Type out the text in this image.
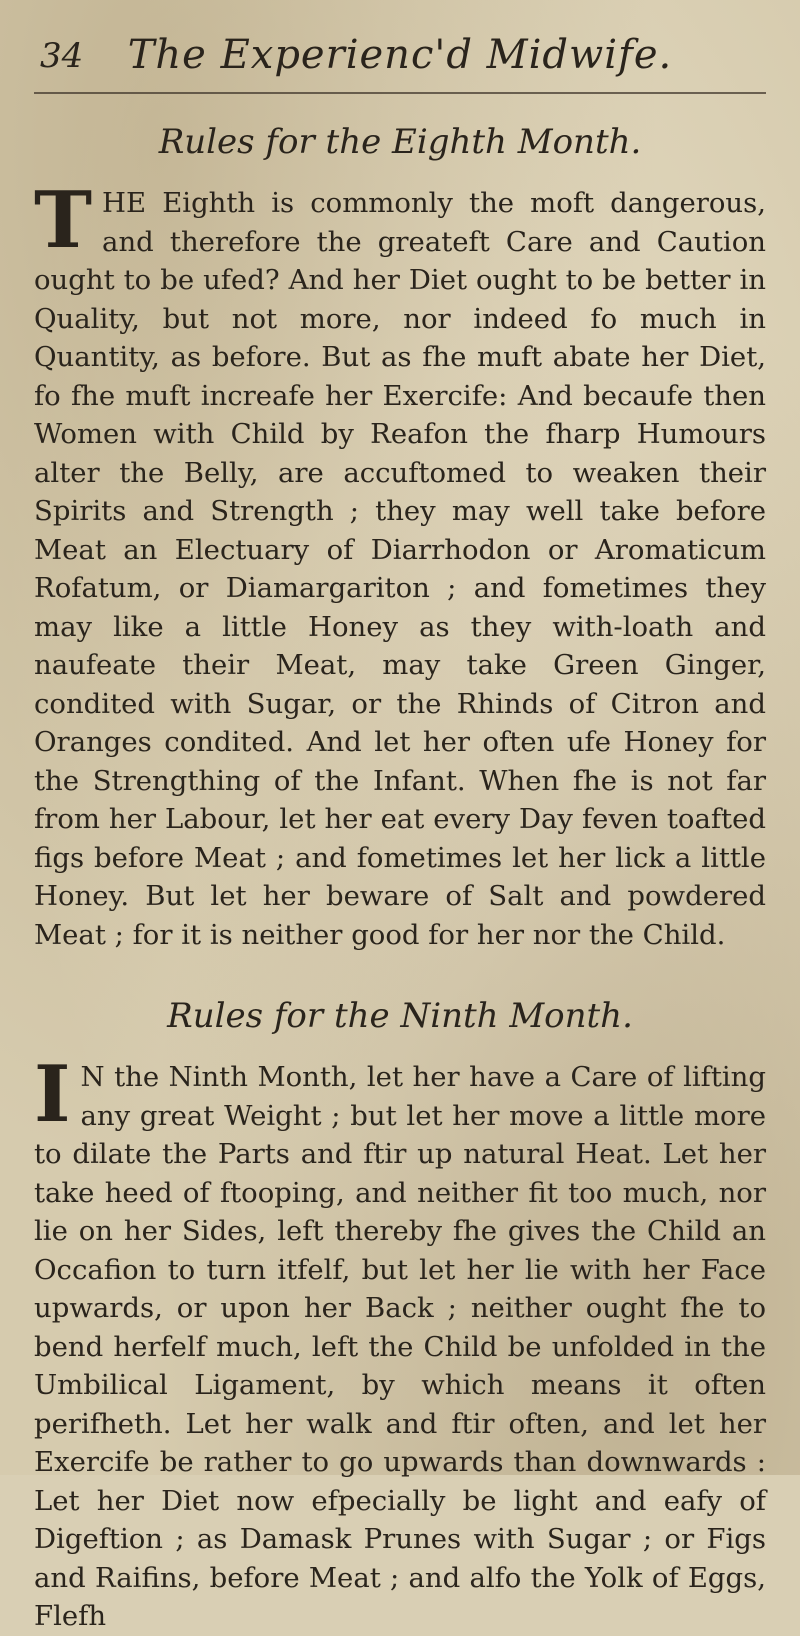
34	The Experienc'd Midwife.
Rules for the Eighth Month.

THE Eighth is commonly the moft dangerous, and therefore the greateft Care and Caution ought to be ufed? And her Diet ought to be better in Quality, but not more, nor indeed fo much in Quantity, as before. But as fhe muft abate her Diet, fo fhe muft increafe her Exercife: And becaufe then Women with Child by Reafon the fharp Humours alter the Belly, are accuftomed to weaken their Spirits and Strength ; they may well take before Meat an Electuary of Diarrhodon or Aromaticum Rofatum, or Diamargariton ; and fometimes they may like a little Honey as they with-loath and naufeate their Meat, may take Green Ginger, condited with Sugar, or the Rhinds of Citron and Oranges condited. And let her often ufe Honey for the Strengthing of the Infant. When fhe is not far from her Labour, let her eat every Day feven toafted figs before Meat ; and fometimes let her lick a little Honey. But let her beware of Salt and powdered Meat ; for it is neither good for her nor the Child.

Rules for the Ninth Month.

I N the Ninth Month, let her have a Care of lifting any great Weight ; but let her move a little more to dilate the Parts and ftir up natural Heat. Let her take heed of ftooping, and neither fit too much, nor lie on her Sides, left thereby fhe gives the Child an Occafion to turn itfelf, but let her lie with her Face upwards, or upon her Back ; neither ought fhe to bend herfelf much, left the Child be unfolded in the Umbilical Ligament, by which means it often perifheth. Let her walk and ftir often, and let her Exercife be rather to go upwards than downwards : Let her Diet now efpecially be light and eafy of Digeftion ; as Damask Prunes with Sugar ; or Figs and Raifins, before Meat ; and alfo the Yolk of Eggs, Flefh
